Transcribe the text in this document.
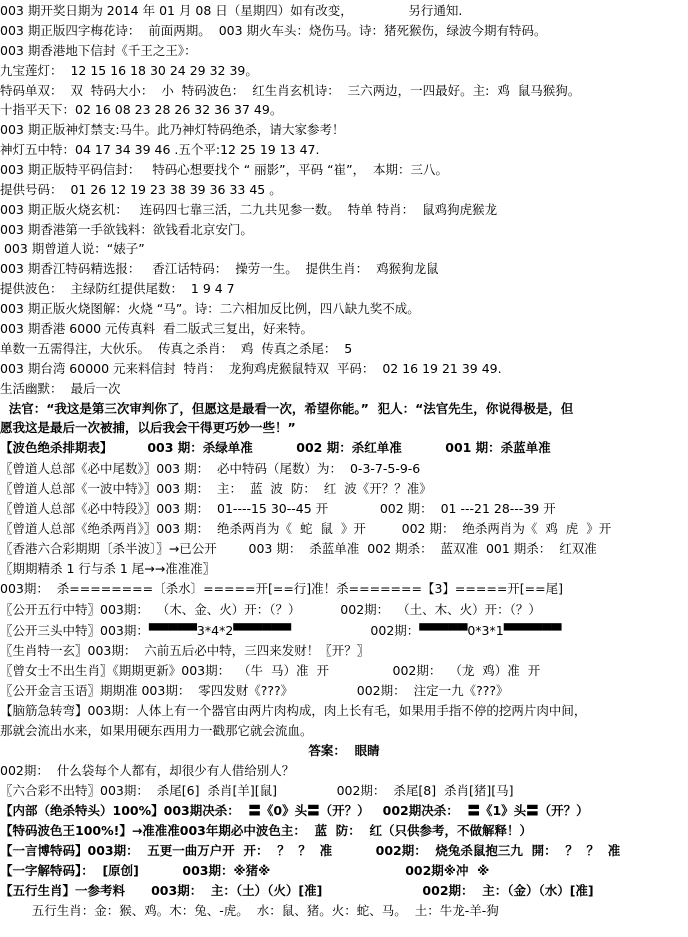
003 期开奖日期为 2014 年 01 月 08 日（星期四）如有改变，              另行通知.
003 期正版四字梅花诗：  前面两期。  003 期火车头：烧伤马。诗：猪死猴伤，绿波今期有特码。
003 期香港地下信封《千王之王》：
九宝莲灯：  12 15 16 18 30 24 29 32 39。
特码单双：  双  特码大小：  小  特码波色：  红生肖玄机诗：  三六两边，一四最好。主:  鸡  鼠马猴狗。
十指平天下：02 16 08 23 28 26 32 36 37 49。
003 期正版神灯禁支:马牛。此乃神灯特码绝杀，请大家参考！
神灯五中特：04 17 34 39 46 .五个平:12 25 19 13 47.
003 期正版特平码信封：   特码心想要找个 “ 丽影”，平码 “崔”，  本期：三八。
提供号码：  01 26 12 19 23 38 39 36 33 45 。
003 期正版火烧玄机：   连码四七靠三活，二九共见参一数。  特单 特肖：  鼠鸡狗虎猴龙
003 期香港第一手欲钱料：欲钱看北京安门。
003 期曾道人说：“婊子”
003 期香江特码精选报：   香江话特码：  操劳一生。  提供生肖：  鸡猴狗龙鼠
提供波色：  主绿防红提供尾数：  1 9 4 7
003 期正版火烧图解：火烧 “马”。诗：二六相加反比例，四八缺九奖不成。
003 期香港 6000 元传真料  看二版式三复出，好来特。
单数一五需得注，大伙乐。  传真之杀肖：  鸡  传真之杀尾：  5
003 期台湾 60000 元来料信封  特肖：  龙狗鸡虎猴鼠特双  平码：  02 16 19 21 39 49.
生活幽默：  最后一次
法官：“我这是第三次审判你了，但愿这是最看一次，希望你能。”  犯人：“法官先生，你说得极是，但
愿我这是最后一次被捕，以后我会干得更巧妙一些！”
【波色绝杀排期表】        003 期：杀绿单准          002 期：杀红单准          001 期：杀蓝单准
〖曾道人总部《必中尾数》〗003 期：  必中特码（尾数）为：  0-3-7-5-9-6
〖曾道人总部《一波中特》〗003 期：  主：  蓝  波  防：  红  波《开？？准》
〖曾道人总部《必中特段》〗003 期：  01----15 30--45 开             002 期：  01 ---21 28---39 开
〖曾道人总部《绝杀两肖》〗003 期：  绝杀两肖为《  蛇  鼠  》开         002 期：  绝杀两肖为《  鸡  虎  》开
〖香港六合彩期期〔杀半波〕〗→已公开        003 期：  杀蓝单准  002 期杀：  蓝双准  001 期杀：  红双准
〖期期精杀 1 行与杀 1 尾→→准准准〗
003期：  杀========〔杀水〕=====开[==行]准！杀=======【3】=====开[==尾]
〖公开五行中特〗003期：  （木、金、火）开：（？）          002期：  （土、木、火）开：（？）
〖公开三头中特〗003期：▀▀▀▀▀3*4*2▀▀▀▀▀▀                    002期：▀▀▀▀▀0*3*1▀▀▀▀▀▀
〖生肖特一玄〗003期：  六前五后必中特，三四来发财！〖开？〗
〖曾女士不出生肖〗《期期更新》003期：  （牛  马）准  开                002期：  （龙  鸡）准  开
〖公开金言玉语〗期期准 003期：  零四发财《???》                002期：  注定一九《???》
【脑筋急转弯】003期：人体上有一个器官由两片肉构成，肉上长有毛，如果用手指不停的挖两片肉中间，
那就会流出水来，如果用硬东西用力一戳那它就会流血。
答案：  眼睛
002期：  什么袋每个人都有，却很少有人借给别人？
〖六合彩不出特〗003期：  杀尾[6]  杀肖[羊][鼠]               002期：  杀尾[8]  杀肖[猪][马]
【内部（绝杀特头）100%】003期决杀：  〓《0》头〓（开？）   002期决杀：  〓《1》头〓（开？）
【特码波色王100%!】→准准准003年期必中波色主：  蓝  防：  红（只供参考，不做解释！）
【一言博特码】003期：  五更一曲万户开  开：  ？  ？  准          002期：  烧兔杀鼠抱三九  開：  ？  ？  准
【一字解特码】：  [原创]          003期：※猪※                               002期※冲  ※
【五行生肖】一参考料      003期：  主：（土）（火）[准]                       002期：  主：（金）（水）[准]
五行生肖：金：猴、鸡。木：兔、-虎。  水：鼠、猪。火：蛇、马。  土：牛龙-羊-狗
